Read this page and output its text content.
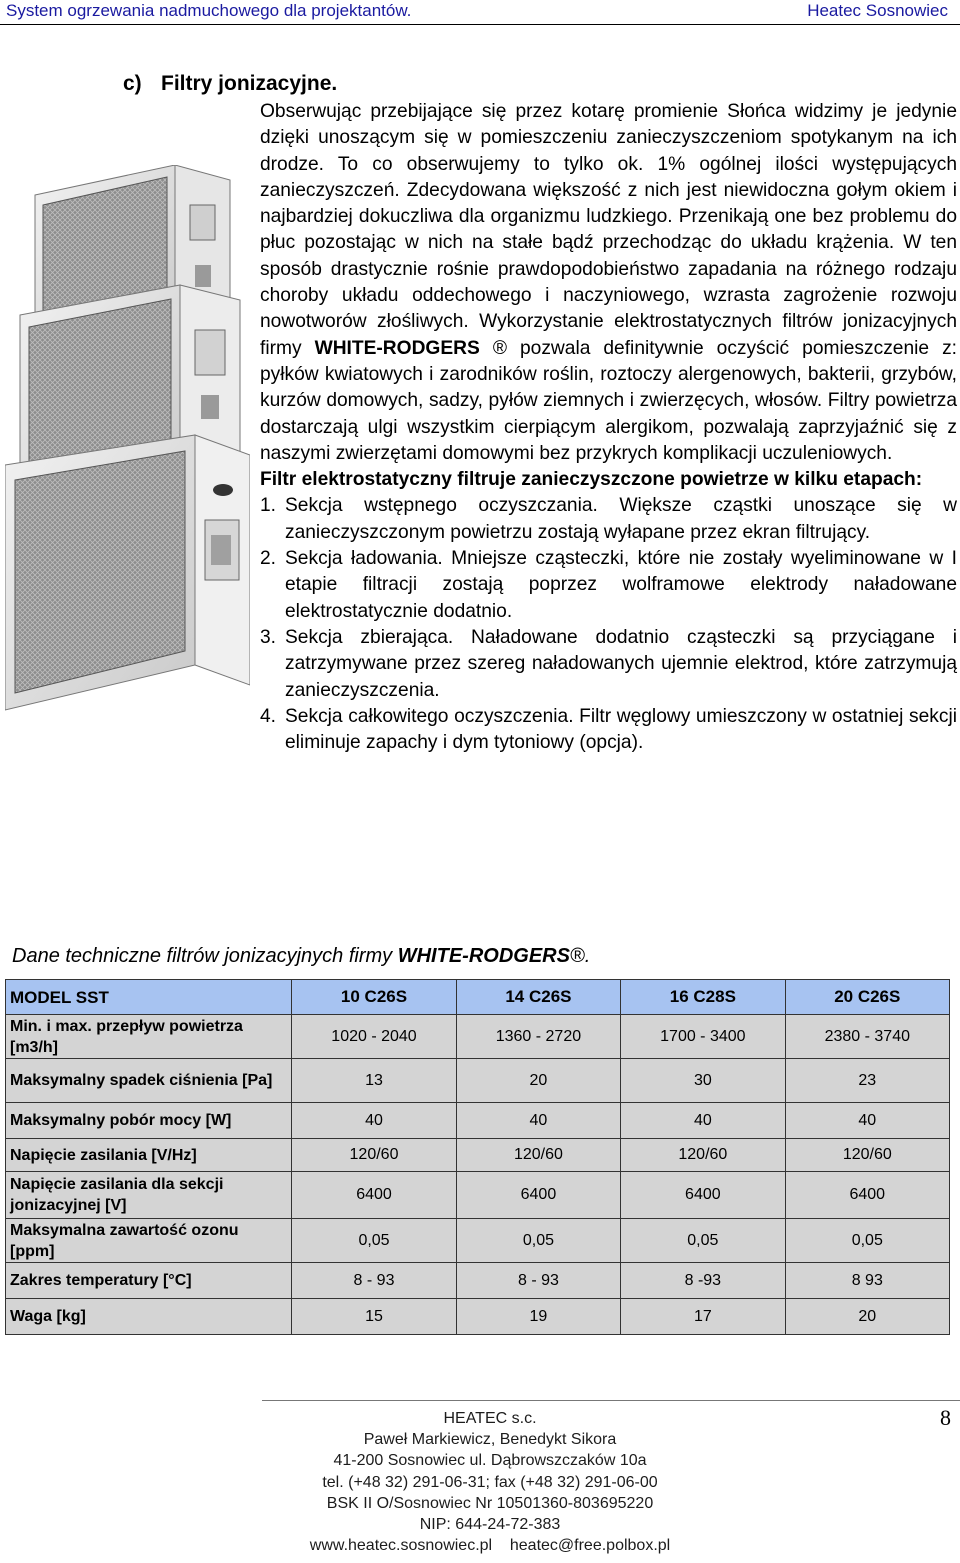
System ogrzewania nadmuchowego dla projektantów.	Heatec Sosnowiec
c) Filtry jonizacyjne.

Obserwując przebijające się przez kotarę promienie Słońca widzimy je jedynie dzięki unoszącym się w pomieszczeniu zanieczyszczeniom spotykanym na ich drodze. To co obserwujemy to tylko ok. 1% ogólnej ilości występujących zanieczyszczeń. Zdecydowana większość z nich jest niewidoczna gołym okiem i najbardziej dokuczliwa dla organizmu ludzkiego. Przenikają one bez problemu do płuc pozostając w nich na stałe bądź przechodząc do układu krążenia. W ten sposób drastycznie rośnie prawdopodobieństwo zapadania na różnego rodzaju choroby układu oddechowego i naczyniowego, wzrasta zagrożenie rozwoju nowotworów złośliwych. Wykorzystanie elektrostatycznych filtrów jonizacyjnych firmy WHITE-RODGERS ® pozwala definitywnie oczyścić pomieszczenie z: pyłków kwiatowych i zarodników roślin, roztoczy alergenowych, bakterii, grzybów, kurzów domowych, sadzy, pyłów ziemnych i zwierzęcych, włosów. Filtry powietrza dostarczają ulgi wszystkim cierpiącym alergikom, pozwalają zaprzyjaźnić się z naszymi zwierzętami domowymi bez przykrych komplikacji uczuleniowych.

Filtr elektrostatyczny filtruje zanieczyszczone powietrze w kilku etapach:

1. Sekcja wstępnego oczyszczania. Większe cząstki unoszące się w zanieczyszczonym powietrzu zostają wyłapane przez ekran filtrujący.
2. Sekcja ładowania. Mniejsze cząsteczki, które nie zostały wyeliminowane w I etapie filtracji zostają poprzez wolframowe elektrody naładowane elektrostatycznie dodatnio.
3. Sekcja zbierająca. Naładowane dodatnio cząsteczki są przyciągane i zatrzymywane przez szereg naładowanych ujemnie elektrod, które zatrzymują zanieczyszczenia.
4. Sekcja całkowitego oczyszczenia. Filtr węglowy umieszczony w ostatniej sekcji eliminuje zapachy i dym tytoniowy (opcja).
Dane techniczne filtrów jonizacyjnych firmy WHITE-RODGERS®.
MODEL SST	10 C26S	14 C26S	16 C28S	20 C26S
Min. i max. przepływ powietrza [m3/h]	1020 - 2040	1360 - 2720	1700 - 3400	2380 - 3740
Maksymalny spadek ciśnienia [Pa]	13	20	30	23
Maksymalny pobór mocy [W]	40	40	40	40
Napięcie zasilania [V/Hz]	120/60	120/60	120/60	120/60
Napięcie zasilania dla sekcji jonizacyjnej [V]	6400	6400	6400	6400
Maksymalna zawartość ozonu [ppm]	0,05	0,05	0,05	0,05
Zakres temperatury [°C]	8 - 93	8 - 93	8 -93	8 93
Waga [kg]	15	19	17	20
8
HEATEC s.c.
Paweł Markiewicz, Benedykt Sikora
41-200 Sosnowiec ul. Dąbrowszczaków 10a
tel. (+48 32) 291-06-31; fax (+48 32) 291-06-00
BSK II O/Sosnowiec Nr 10501360-803695220
NIP: 644-24-72-383
www.heatec.sosnowiec.pl    heatec@free.polbox.pl
